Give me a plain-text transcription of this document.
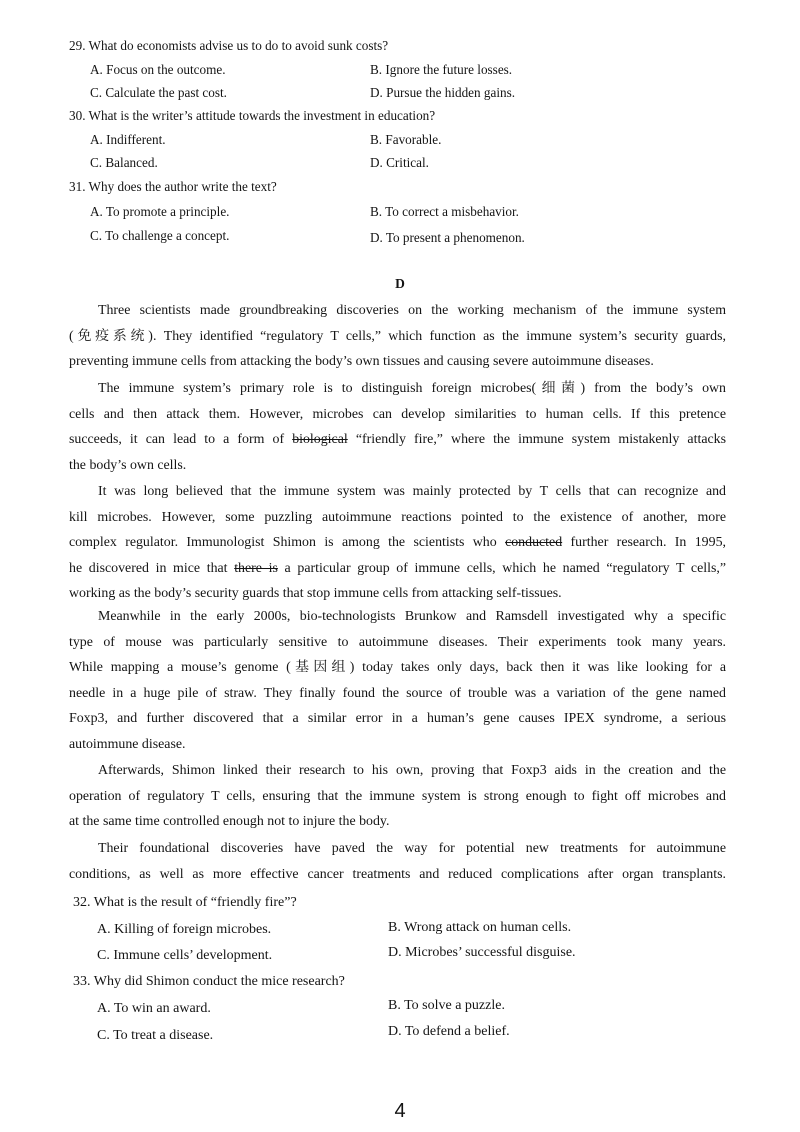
29. What do economists advise us to do to avoid sunk costs?
A. Focus on the outcome.	B. Ignore the future losses.
C. Calculate the past cost.	D. Pursue the hidden gains.
30. What is the writer’s attitude towards the investment in education?
A. Indifferent.	B. Favorable.
C. Balanced.	D. Critical.
31. Why does the author write the text?
A. To promote a principle.	B. To correct a misbehavior.
C. To challenge a concept.	D. To present a phenomenon.
D
Three scientists made groundbreaking discoveries on the working mechanism of the immune system
(免疫系统). They identified “regulatory T cells,” which function as the immune system’s security guards,
preventing immune cells from attacking the body’s own tissues and causing severe autoimmune diseases.
The immune system’s primary role is to distinguish foreign microbes(细菌) from the body’s own
cells and then attack them. However, microbes can develop similarities to human cells. If this pretence
succeeds, it can lead to a form of biological “friendly fire,” where the immune system mistakenly attacks
the body’s own cells.
It was long believed that the immune system was mainly protected by T cells that can recognize and
kill microbes. However, some puzzling autoimmune reactions pointed to the existence of another, more
complex regulator. Immunologist Shimon is among the scientists who conducted further research. In 1995,
he discovered in mice that there is a particular group of immune cells, which he named “regulatory T cells,”
working as the body’s security guards that stop immune cells from attacking self-tissues.
Meanwhile in the early 2000s, bio-technologists Brunkow and Ramsdell investigated why a specific
type of mouse was particularly sensitive to autoimmune diseases. Their experiments took many years.
While mapping a mouse’s genome (基因组) today takes only days, back then it was like looking for a
needle in a huge pile of straw. They finally found the source of trouble was a variation of the gene named
Foxp3, and further discovered that a similar error in a human’s gene causes IPEX syndrome, a serious
autoimmune disease.
Afterwards, Shimon linked their research to his own, proving that Foxp3 aids in the creation and the
operation of regulatory T cells, ensuring that the immune system is strong enough to fight off microbes and
at the same time controlled enough not to injure the body.
Their foundational discoveries have paved the way for potential new treatments for autoimmune
conditions, as well as more effective cancer treatments and reduced complications after organ transplants.
32. What is the result of “friendly fire”?
A. Killing of foreign microbes.	B. Wrong attack on human cells.
C. Immune cells’ development.	D. Microbes’ successful disguise.
33. Why did Shimon conduct the mice research?
A. To win an award.	B. To solve a puzzle.
C. To treat a disease.	D. To defend a belief.
4
